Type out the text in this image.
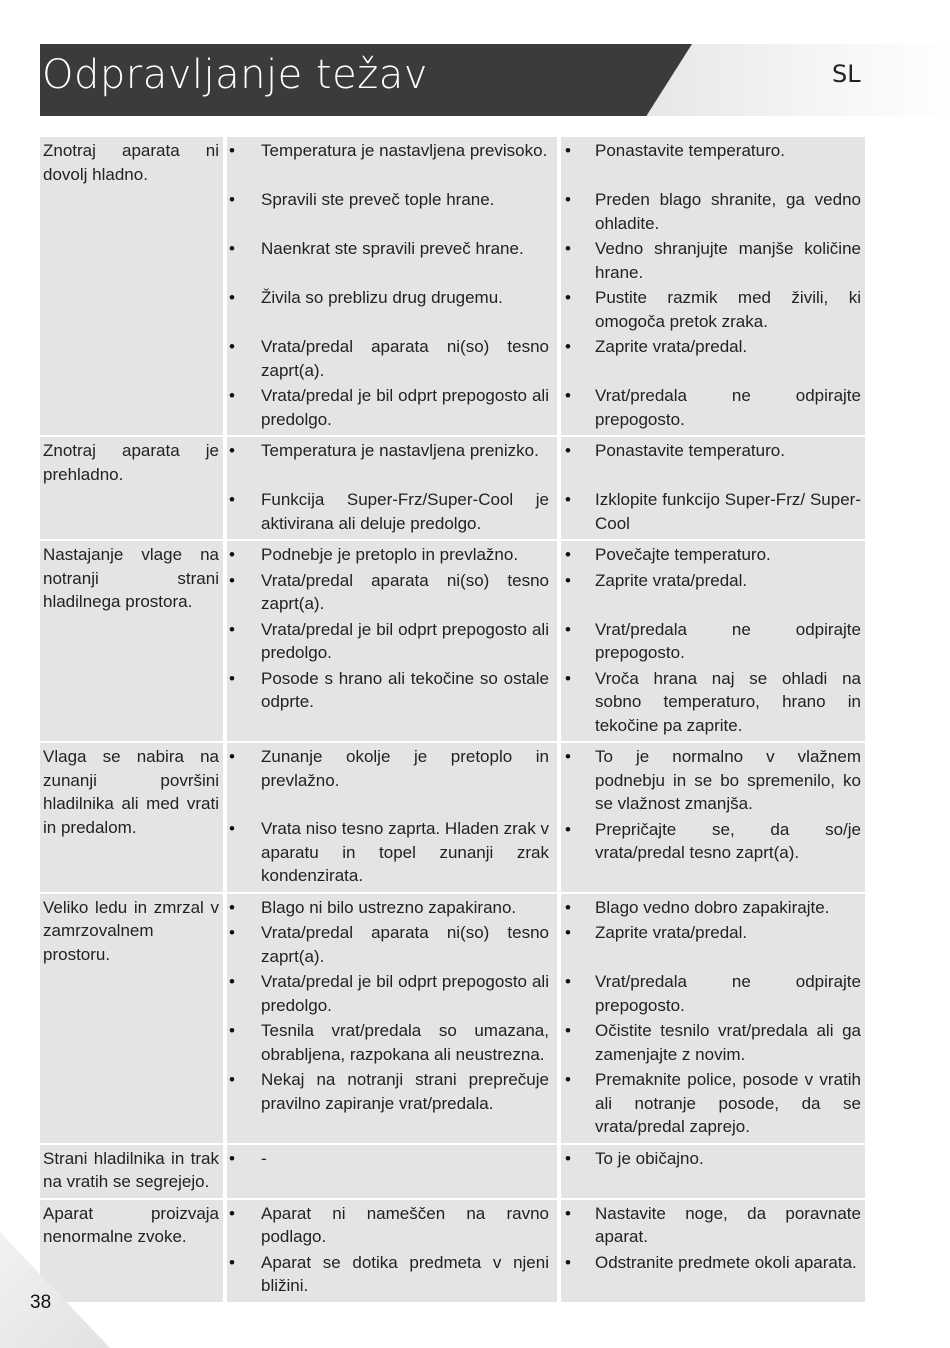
Odpravljanje težav	SL
Znotraj aparata ni dovolj hladno.
• Temperatura je nastavljena previsoko.
• Spravili ste preveč tople hrane.
• Naenkrat ste spravili preveč hrane.
• Živila so preblizu drug drugemu.
• Vrata/predal aparata ni(so) tesno zaprt(a).
• Vrata/predal je bil odprt prepogosto ali predolgo.
• Ponastavite temperaturo.
• Preden blago shranite, ga vedno ohladite.
• Vedno shranjujte manjše količine hrane.
• Pustite razmik med živili, ki omogoča pretok zraka.
• Zaprite vrata/predal.
• Vrat/predala ne odpirajte prepogosto.
Znotraj aparata je prehladno.
• Temperatura je nastavljena prenizko.
• Funkcija Super-Frz/Super-Cool je aktivirana ali deluje predolgo.
• Ponastavite temperaturo.
• Izklopite funkcijo Super-Frz/ Super-Cool
Nastajanje vlage na notranji strani hladilnega prostora.
• Podnebje je pretoplo in prevlažno.
• Vrata/predal aparata ni(so) tesno zaprt(a).
• Vrata/predal je bil odprt prepogosto ali predolgo.
• Posode s hrano ali tekočine so ostale odprte.
• Povečajte temperaturo.
• Zaprite vrata/predal.
• Vrat/predala ne odpirajte prepogosto.
• Vroča hrana naj se ohladi na sobno temperaturo, hrano in tekočine pa zaprite.
Vlaga se nabira na zunanji površini hladilnika ali med vrati in predalom.
• Zunanje okolje je pretoplo in prevlažno.
• Vrata niso tesno zaprta. Hladen zrak v aparatu in topel zunanji zrak kondenzirata.
• To je normalno v vlažnem podnebju in se bo spremenilo, ko se vlažnost zmanjša.
• Prepričajte se, da so/je vrata/predal tesno zaprt(a).
Veliko ledu in zmrzal v zamrzovalnem prostoru.
• Blago ni bilo ustrezno zapakirano.
• Vrata/predal aparata ni(so) tesno zaprt(a).
• Vrata/predal je bil odprt prepogosto ali predolgo.
• Tesnila vrat/predala so umazana, obrabljena, razpokana ali neustrezna.
• Nekaj na notranji strani preprečuje pravilno zapiranje vrat/predala.
• Blago vedno dobro zapakirajte.
• Zaprite vrata/predal.
• Vrat/predala ne odpirajte prepogosto.
• Očistite tesnilo vrat/predala ali ga zamenjajte z novim.
• Premaknite police, posode v vratih ali notranje posode, da se vrata/predal zaprejo.
Strani hladilnika in trak na vratih se segrejejo.
• -
•	To je običajno.
Aparat proizvaja nenormalne zvoke.
• Aparat ni nameščen na ravno podlago.
• Aparat se dotika predmeta v njeni bližini.
• Nastavite noge, da poravnate aparat.
• Odstranite predmete okoli aparata.
38
